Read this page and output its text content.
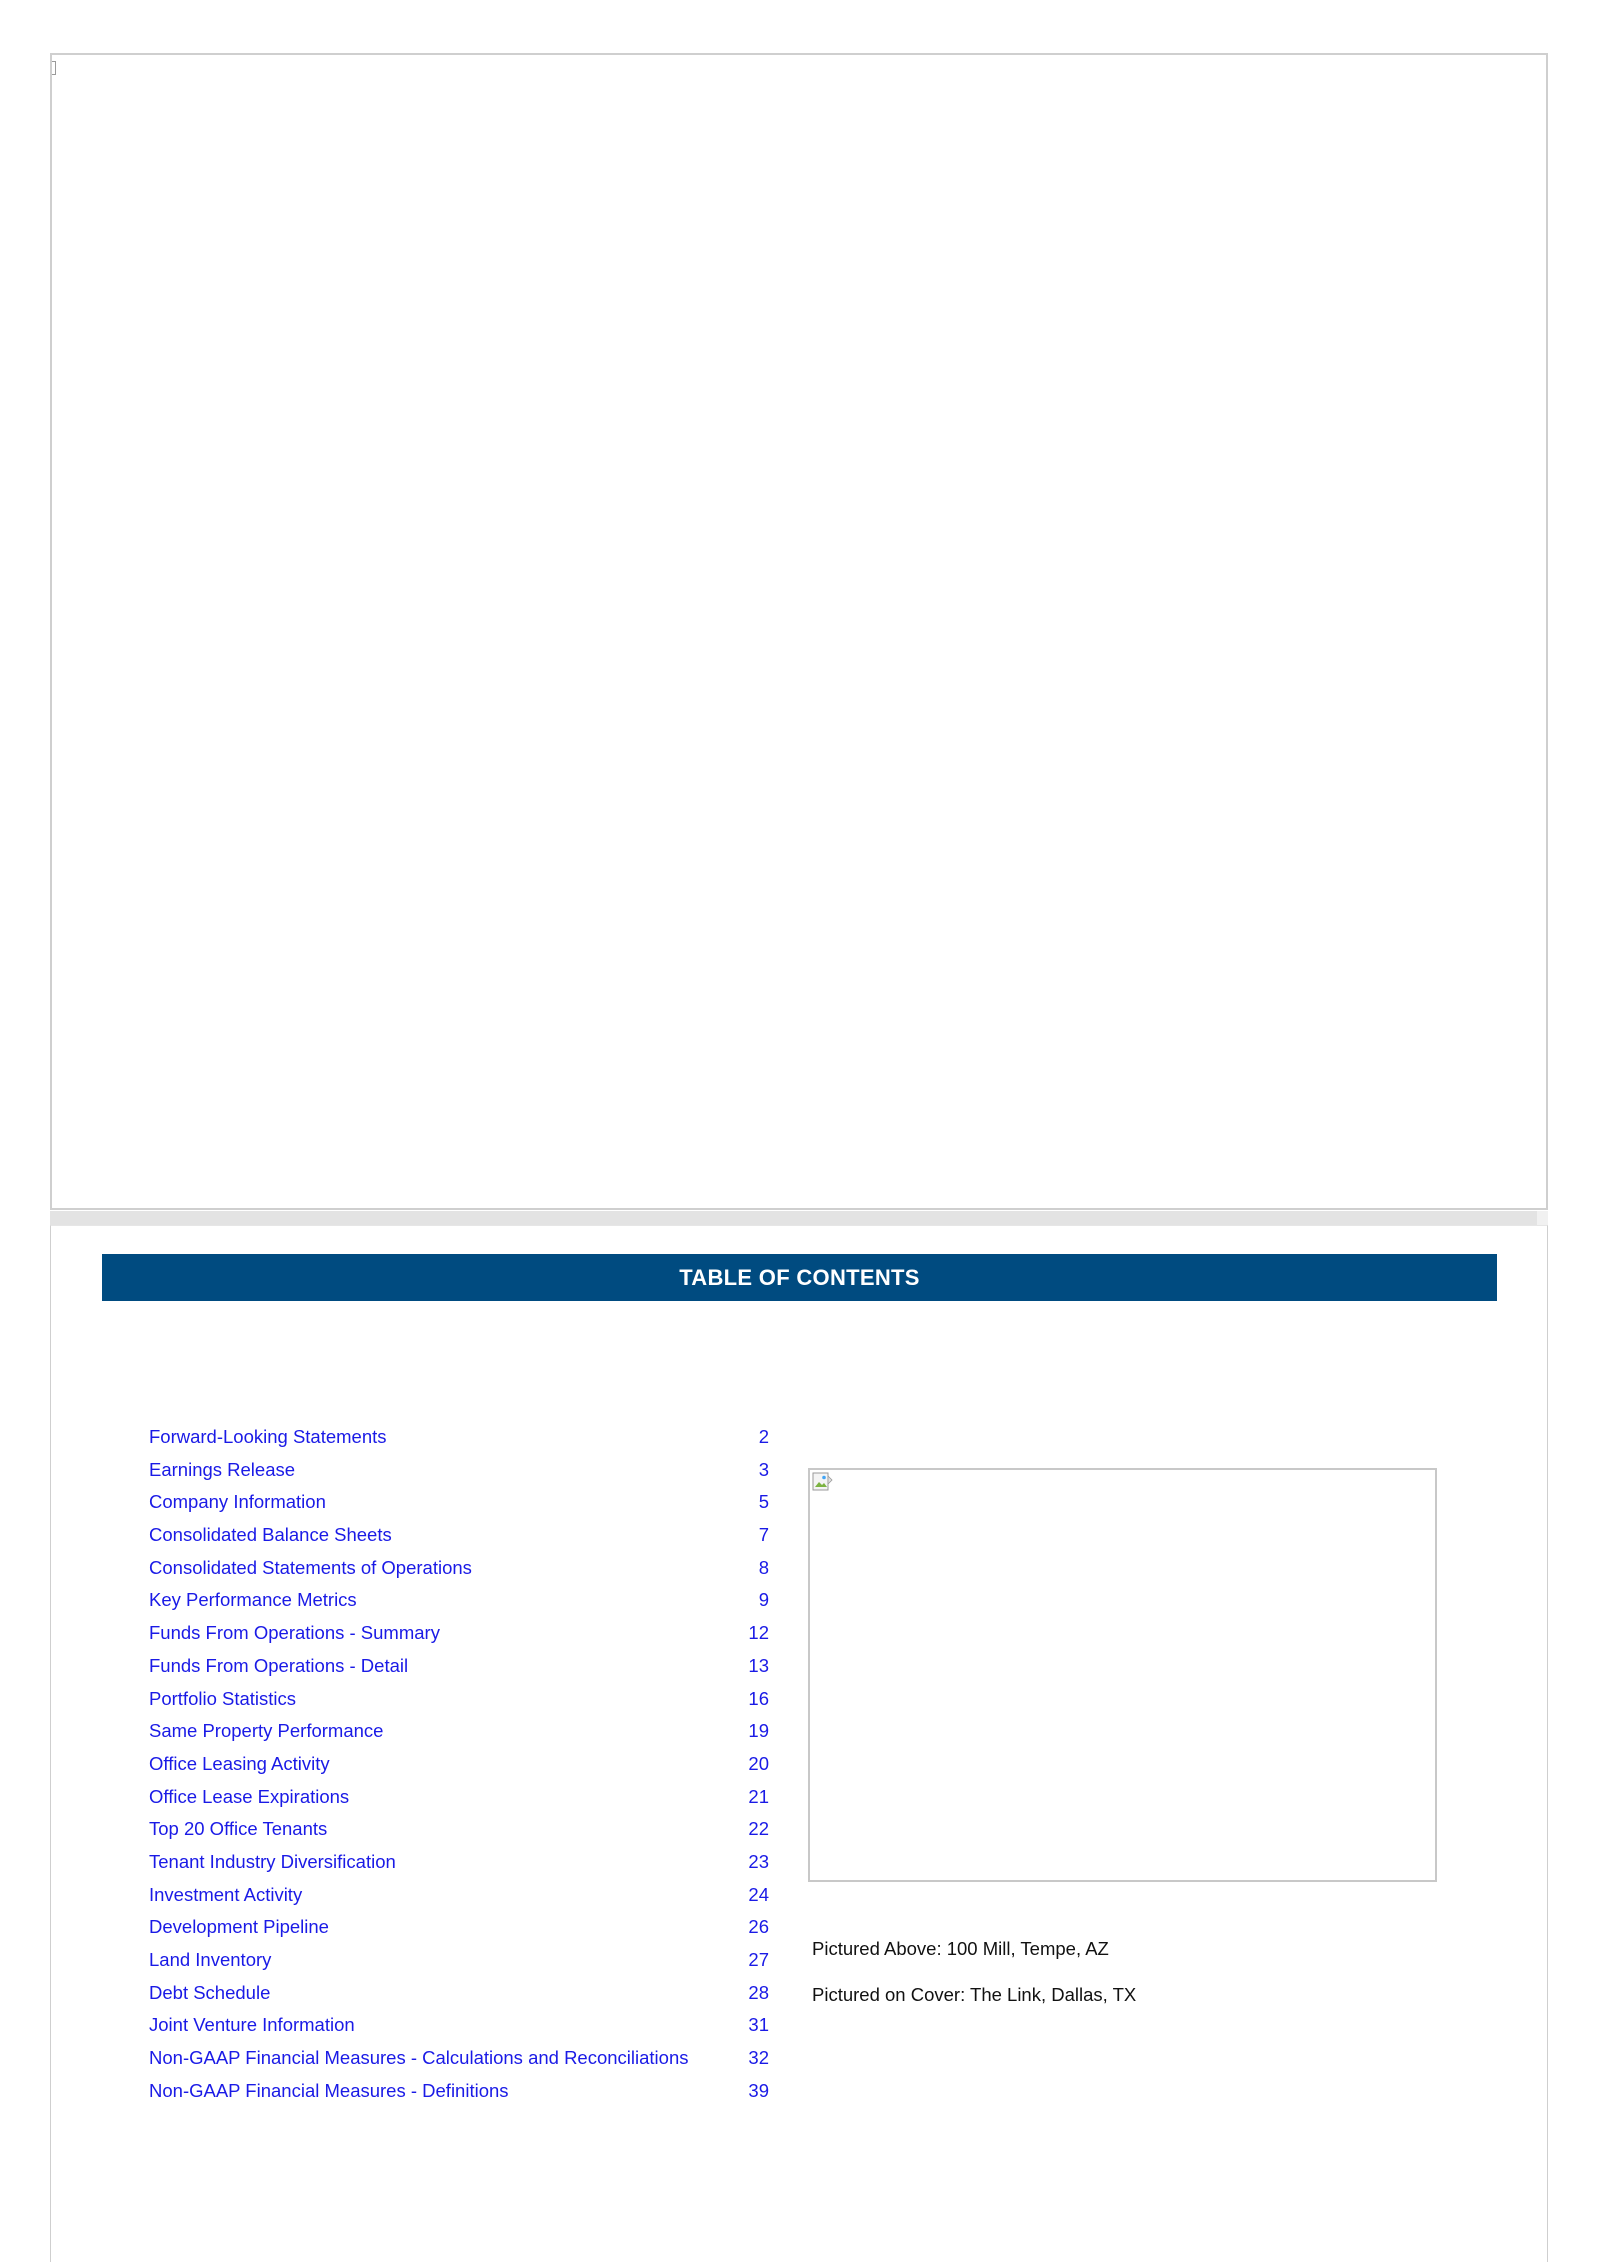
TABLE OF CONTENTS
Forward-Looking Statements	2
Earnings Release	3
Company Information	5
Consolidated Balance Sheets	7
Consolidated Statements of Operations	8
Key Performance Metrics	9
Funds From Operations - Summary	12
Funds From Operations - Detail	13
Portfolio Statistics	16
Same Property Performance	19
Office Leasing Activity	20
Office Lease Expirations	21
Top 20 Office Tenants	22
Tenant Industry Diversification	23
Investment Activity	24
Development Pipeline	26
Land Inventory	27
Debt Schedule	28
Joint Venture Information	31
Non-GAAP Financial Measures - Calculations and Reconciliations	32
Non-GAAP Financial Measures - Definitions	39
Pictured Above: 100 Mill, Tempe, AZ
Pictured on Cover: The Link, Dallas, TX
